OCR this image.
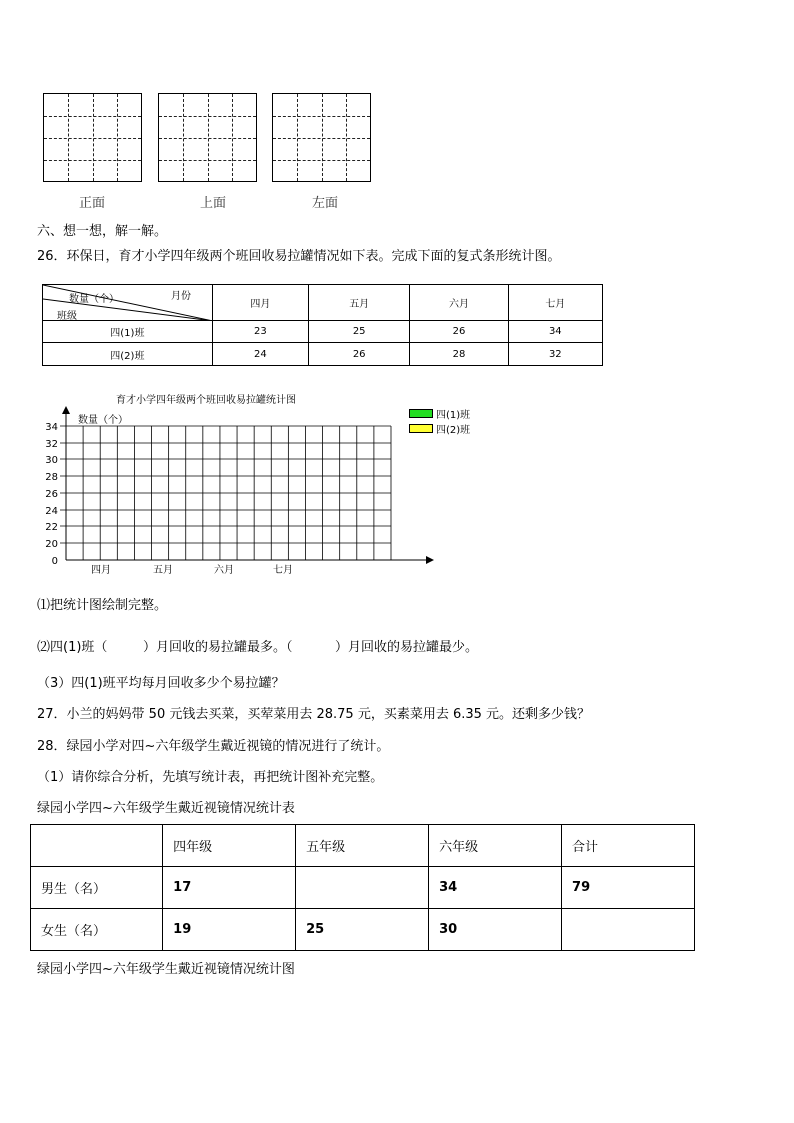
正面	上面	左面
六、想一想，解一解。
26．环保日，育才小学四年级两个班回收易拉罐情况如下表。完成下面的复式条形统计图。
数量（个） 月份
班级	四月	五月	六月	七月
四(1)班	23	25	26	34
四(2)班	24	26	28	32
育才小学四年级两个班回收易拉罐统计图
数量（个）	四(1)班
四(2)班
0
20
22
24
26
28
30
32
34
四月	五月	六月	七月
⑴把统计图绘制完整。
⑵四(1)班（	）月回收的易拉罐最多。（	）月回收的易拉罐最少。
（3）四(1)班平均每月回收多少个易拉罐？
27．小兰的妈妈带 50 元钱去买菜，买荤菜用去 28.75 元，买素菜用去 6.35 元。还剩多少钱？
28．绿园小学对四~六年级学生戴近视镜的情况进行了统计。
（1）请你综合分析，先填写统计表，再把统计图补充完整。
绿园小学四~六年级学生戴近视镜情况统计表
	四年级	五年级	六年级	合计
男生（名）	17		34	79
女生（名）	19	25	30	
绿园小学四~六年级学生戴近视镜情况统计图
